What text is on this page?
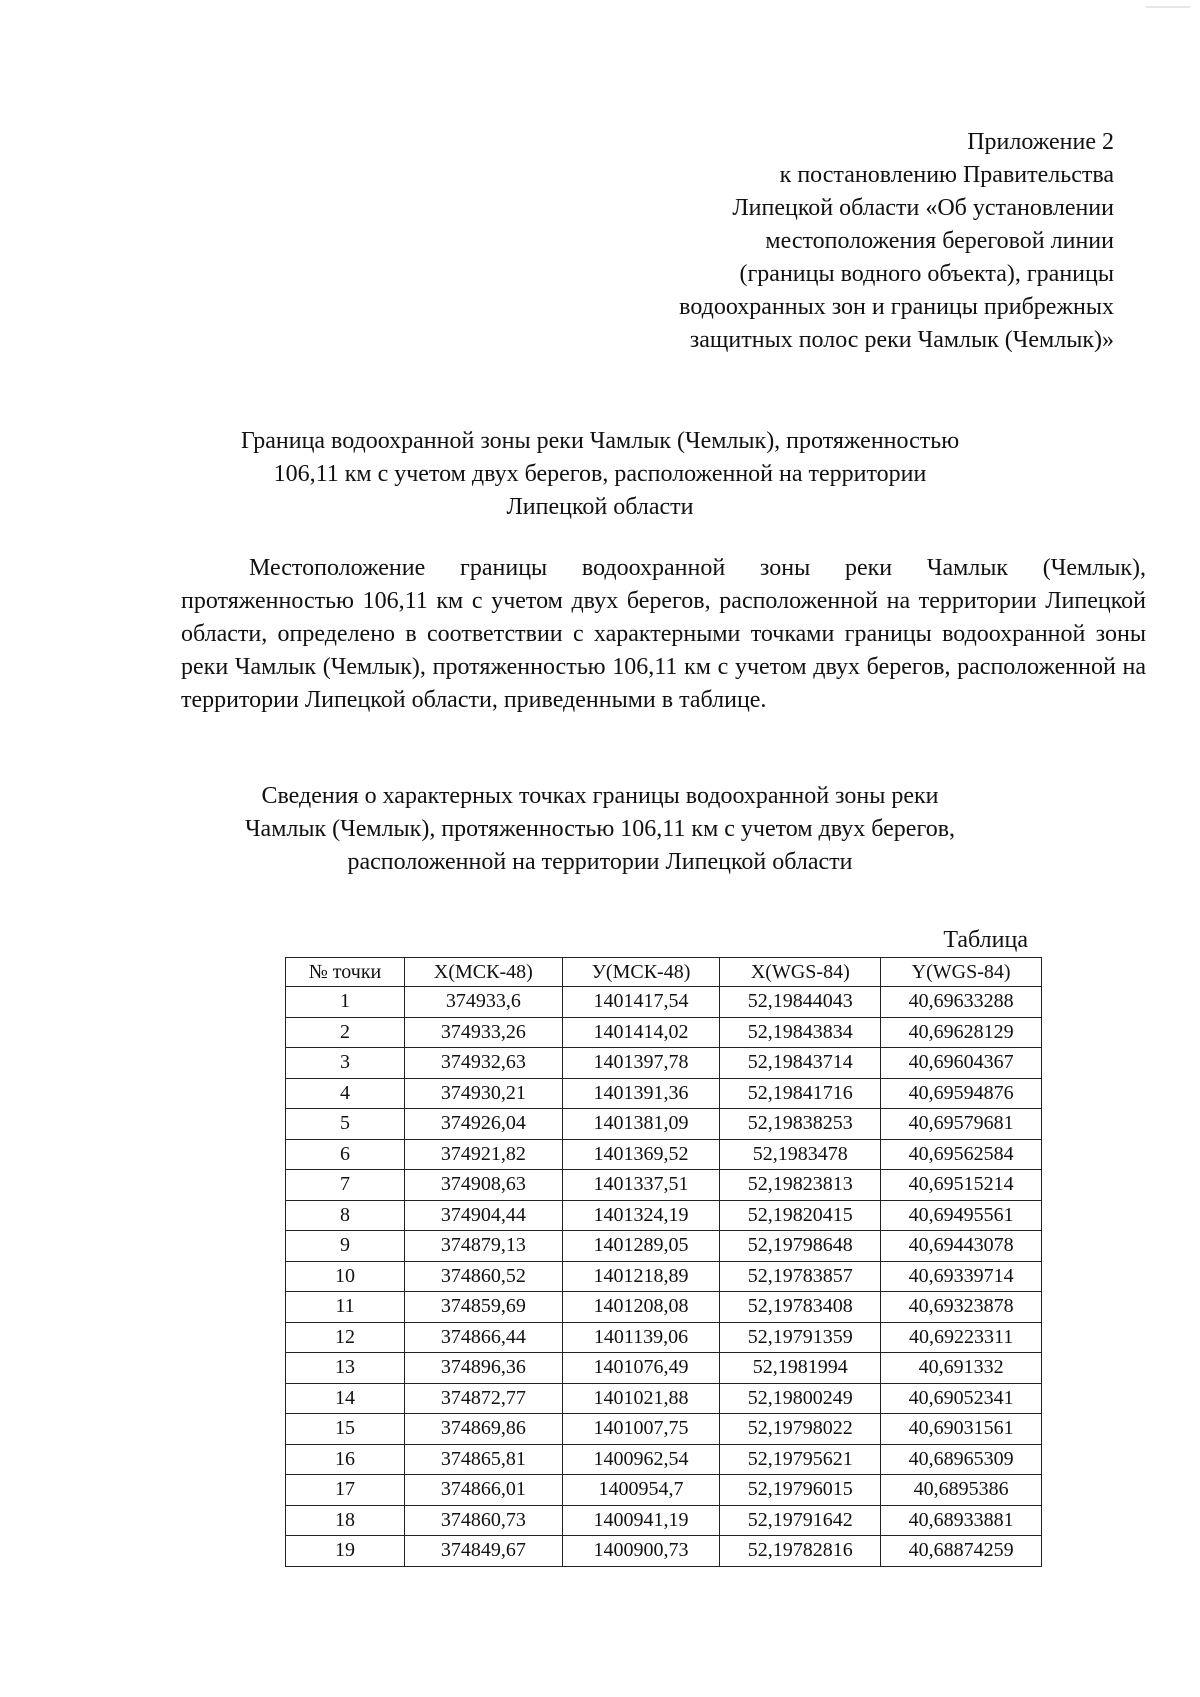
Приложение 2
к постановлению Правительства
Липецкой области «Об установлении
местоположения береговой линии
(границы водного объекта), границы
водоохранных зон и границы прибрежных
защитных полос реки Чамлык (Чемлык)»
Граница водоохранной зоны реки Чамлык (Чемлык), протяженностью
106,11 км с учетом двух берегов, расположенной на территории
Липецкой области
Местоположение границы водоохранной зоны реки Чамлык (Чемлык), протяженностью 106,11 км с учетом двух берегов, расположенной на территории Липецкой области, определено в соответствии с характерными точками границы водоохранной зоны реки Чамлык (Чемлык), протяженностью 106,11 км с учетом двух берегов, расположенной на территории Липецкой области, приведенными в таблице.
Сведения о характерных точках границы водоохранной зоны реки
Чамлык (Чемлык), протяженностью 106,11 км с учетом двух берегов,
расположенной на территории Липецкой области
Таблица
№ точки	X(МСК-48)	У(МСК-48)	X(WGS-84)	Y(WGS-84)
1	374933,6	1401417,54	52,19844043	40,69633288
2	374933,26	1401414,02	52,19843834	40,69628129
3	374932,63	1401397,78	52,19843714	40,69604367
4	374930,21	1401391,36	52,19841716	40,69594876
5	374926,04	1401381,09	52,19838253	40,69579681
6	374921,82	1401369,52	52,1983478	40,69562584
7	374908,63	1401337,51	52,19823813	40,69515214
8	374904,44	1401324,19	52,19820415	40,69495561
9	374879,13	1401289,05	52,19798648	40,69443078
10	374860,52	1401218,89	52,19783857	40,69339714
11	374859,69	1401208,08	52,19783408	40,69323878
12	374866,44	1401139,06	52,19791359	40,69223311
13	374896,36	1401076,49	52,1981994	40,691332
14	374872,77	1401021,88	52,19800249	40,69052341
15	374869,86	1401007,75	52,19798022	40,69031561
16	374865,81	1400962,54	52,19795621	40,68965309
17	374866,01	1400954,7	52,19796015	40,6895386
18	374860,73	1400941,19	52,19791642	40,68933881
19	374849,67	1400900,73	52,19782816	40,68874259
